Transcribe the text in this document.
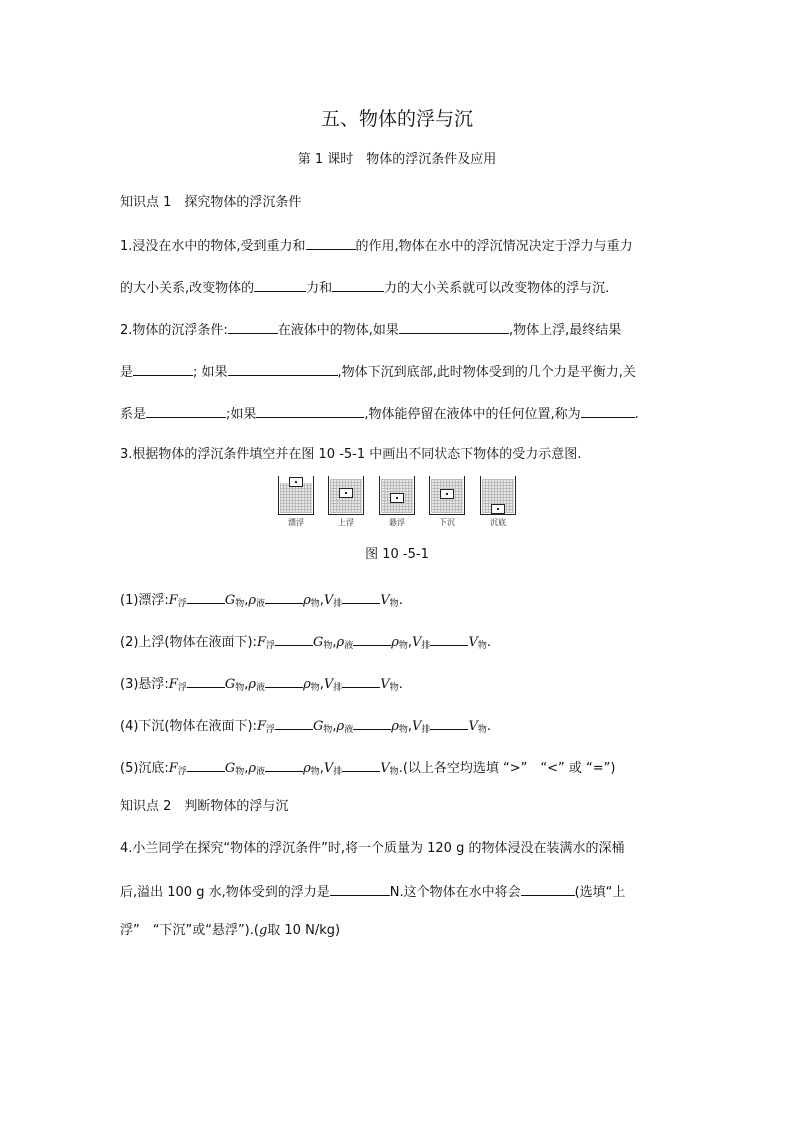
五、物体的浮与沉
第 1 课时　物体的浮沉条件及应用
知识点 1　探究物体的浮沉条件
1.浸没在水中的物体,受到重力和	的作用,物体在水中的浮沉情况决定于浮力与重力
的大小关系,改变物体的	力和	力的大小关系就可以改变物体的浮与沉.
2.物体的沉浮条件:	在液体中的物体,如果	,物体上浮,最终结果
是	; 如果	,物体下沉到底部,此时物体受到的几个力是平衡力,关
系是	;如果	,物体能停留在液体中的任何位置,称为	.
3.根据物体的浮沉条件填空并在图 10 -5-1 中画出不同状态下物体的受力示意图.
漂浮	上浮	悬浮	下沉	沉底
图 10 -5-1
(1)漂浮$:F_浮$	$G_物,\rho_液$	$\rho_物,V_排$	$V_物$.
(2)上浮(物体在液面下)$:F_浮$	$G_物,\rho_液$	$\rho_物,V_排$	$V_物$.
(3)悬浮$:F_浮$	$G_物,\rho_液$	$\rho_物,V_排$	$V_物$.
(4)下沉(物体在液面下)$:F_浮$	$G_物,\rho_液$	$\rho_物,V_排$	$V_物$.
(5)沉底$:F_浮$	$G_物,\rho_液$	$\rho_物,V_排$	$V_物$.(以上各空均选填 “>”　“<” 或 “=”)
知识点 2　判断物体的浮与沉
4.小兰同学在探究“物体的浮沉条件”时,将一个质量为 120 g 的物体浸没在装满水的深桶
后,溢出 100 g 水,物体受到的浮力是	N.这个物体在水中将会	(选填“上
浮”　“下沉”或“悬浮”).(g取 10 N/kg)
